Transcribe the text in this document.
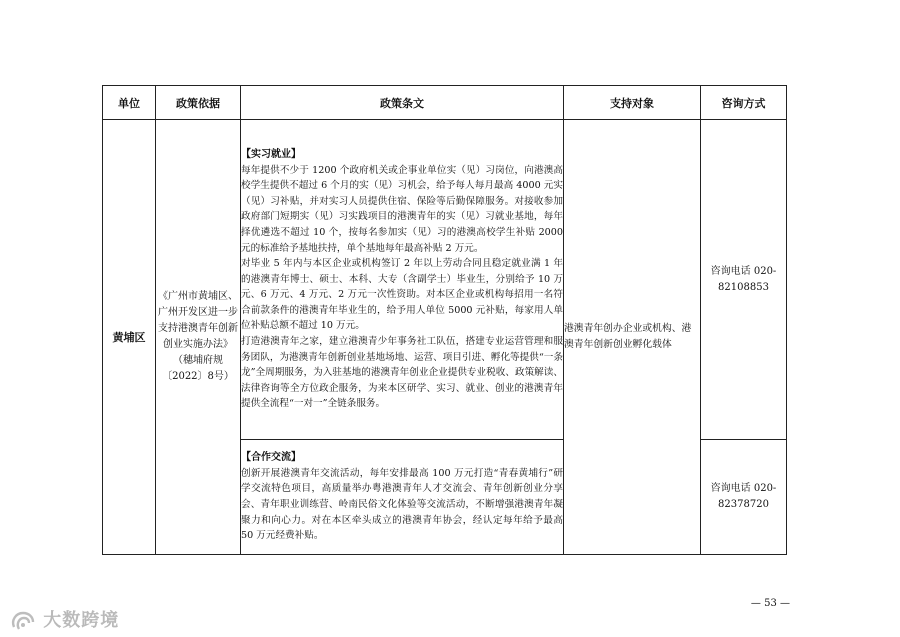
单位	政策依据	政策条文	支持对象	咨询方式
黄埔区	《广州市黄埔区、广州开发区进一步支持港澳青年创新创业实施办法》（穗埔府规〔2022〕8号）	【实习就业】

每年提供不少于 1200 个政府机关或企事业单位实（见）习岗位，向港澳高校学生提供不超过 6 个月的实（见）习机会，给予每人每月最高 4000 元实（见）习补贴，并对实习人员提供住宿、保险等后勤保障服务。对接收参加政府部门短期实（见）习实践项目的港澳青年的实（见）习就业基地，每年择优遴选不超过 10 个，按每名参加实（见）习的港澳高校学生补贴 2000 元的标准给予基地扶持，单个基地每年最高补贴 2 万元。

对毕业 5 年内与本区企业或机构签订 2 年以上劳动合同且稳定就业满 1 年的港澳青年博士、硕士、本科、大专（含副学士）毕业生，分别给予 10 万元、6 万元、4 万元、2 万元一次性资助。对本区企业或机构每招用一名符合前款条件的港澳青年毕业生的，给予用人单位 5000 元补贴，每家用人单位补贴总额不超过 10 万元。

打造港澳青年之家，建立港澳青少年事务社工队伍，搭建专业运营管理和服务团队，为港澳青年创新创业基地场地、运营、项目引进、孵化等提供“一条龙”全周期服务，为入驻基地的港澳青年创业企业提供专业税收、政策解读、法律咨询等全方位政企服务，为来本区研学、实习、就业、创业的港澳青年提供全流程“一对一”全链条服务。	港澳青年创办企业或机构、港澳青年创新创业孵化载体	咨询电话 020-82108853

		【合作交流】

创新开展港澳青年交流活动，每年安排最高 100 万元打造“青春黄埔行”研学交流特色项目，高质量举办粤港澳青年人才交流会、青年创新创业分享会、青年职业训练营、岭南民俗文化体验等交流活动，不断增强港澳青年凝聚力和向心力。对在本区牵头成立的港澳青年协会，经认定每年给予最高 50 万元经费补贴。		咨询电话 020-82378720
— 53 —
大数跨境
